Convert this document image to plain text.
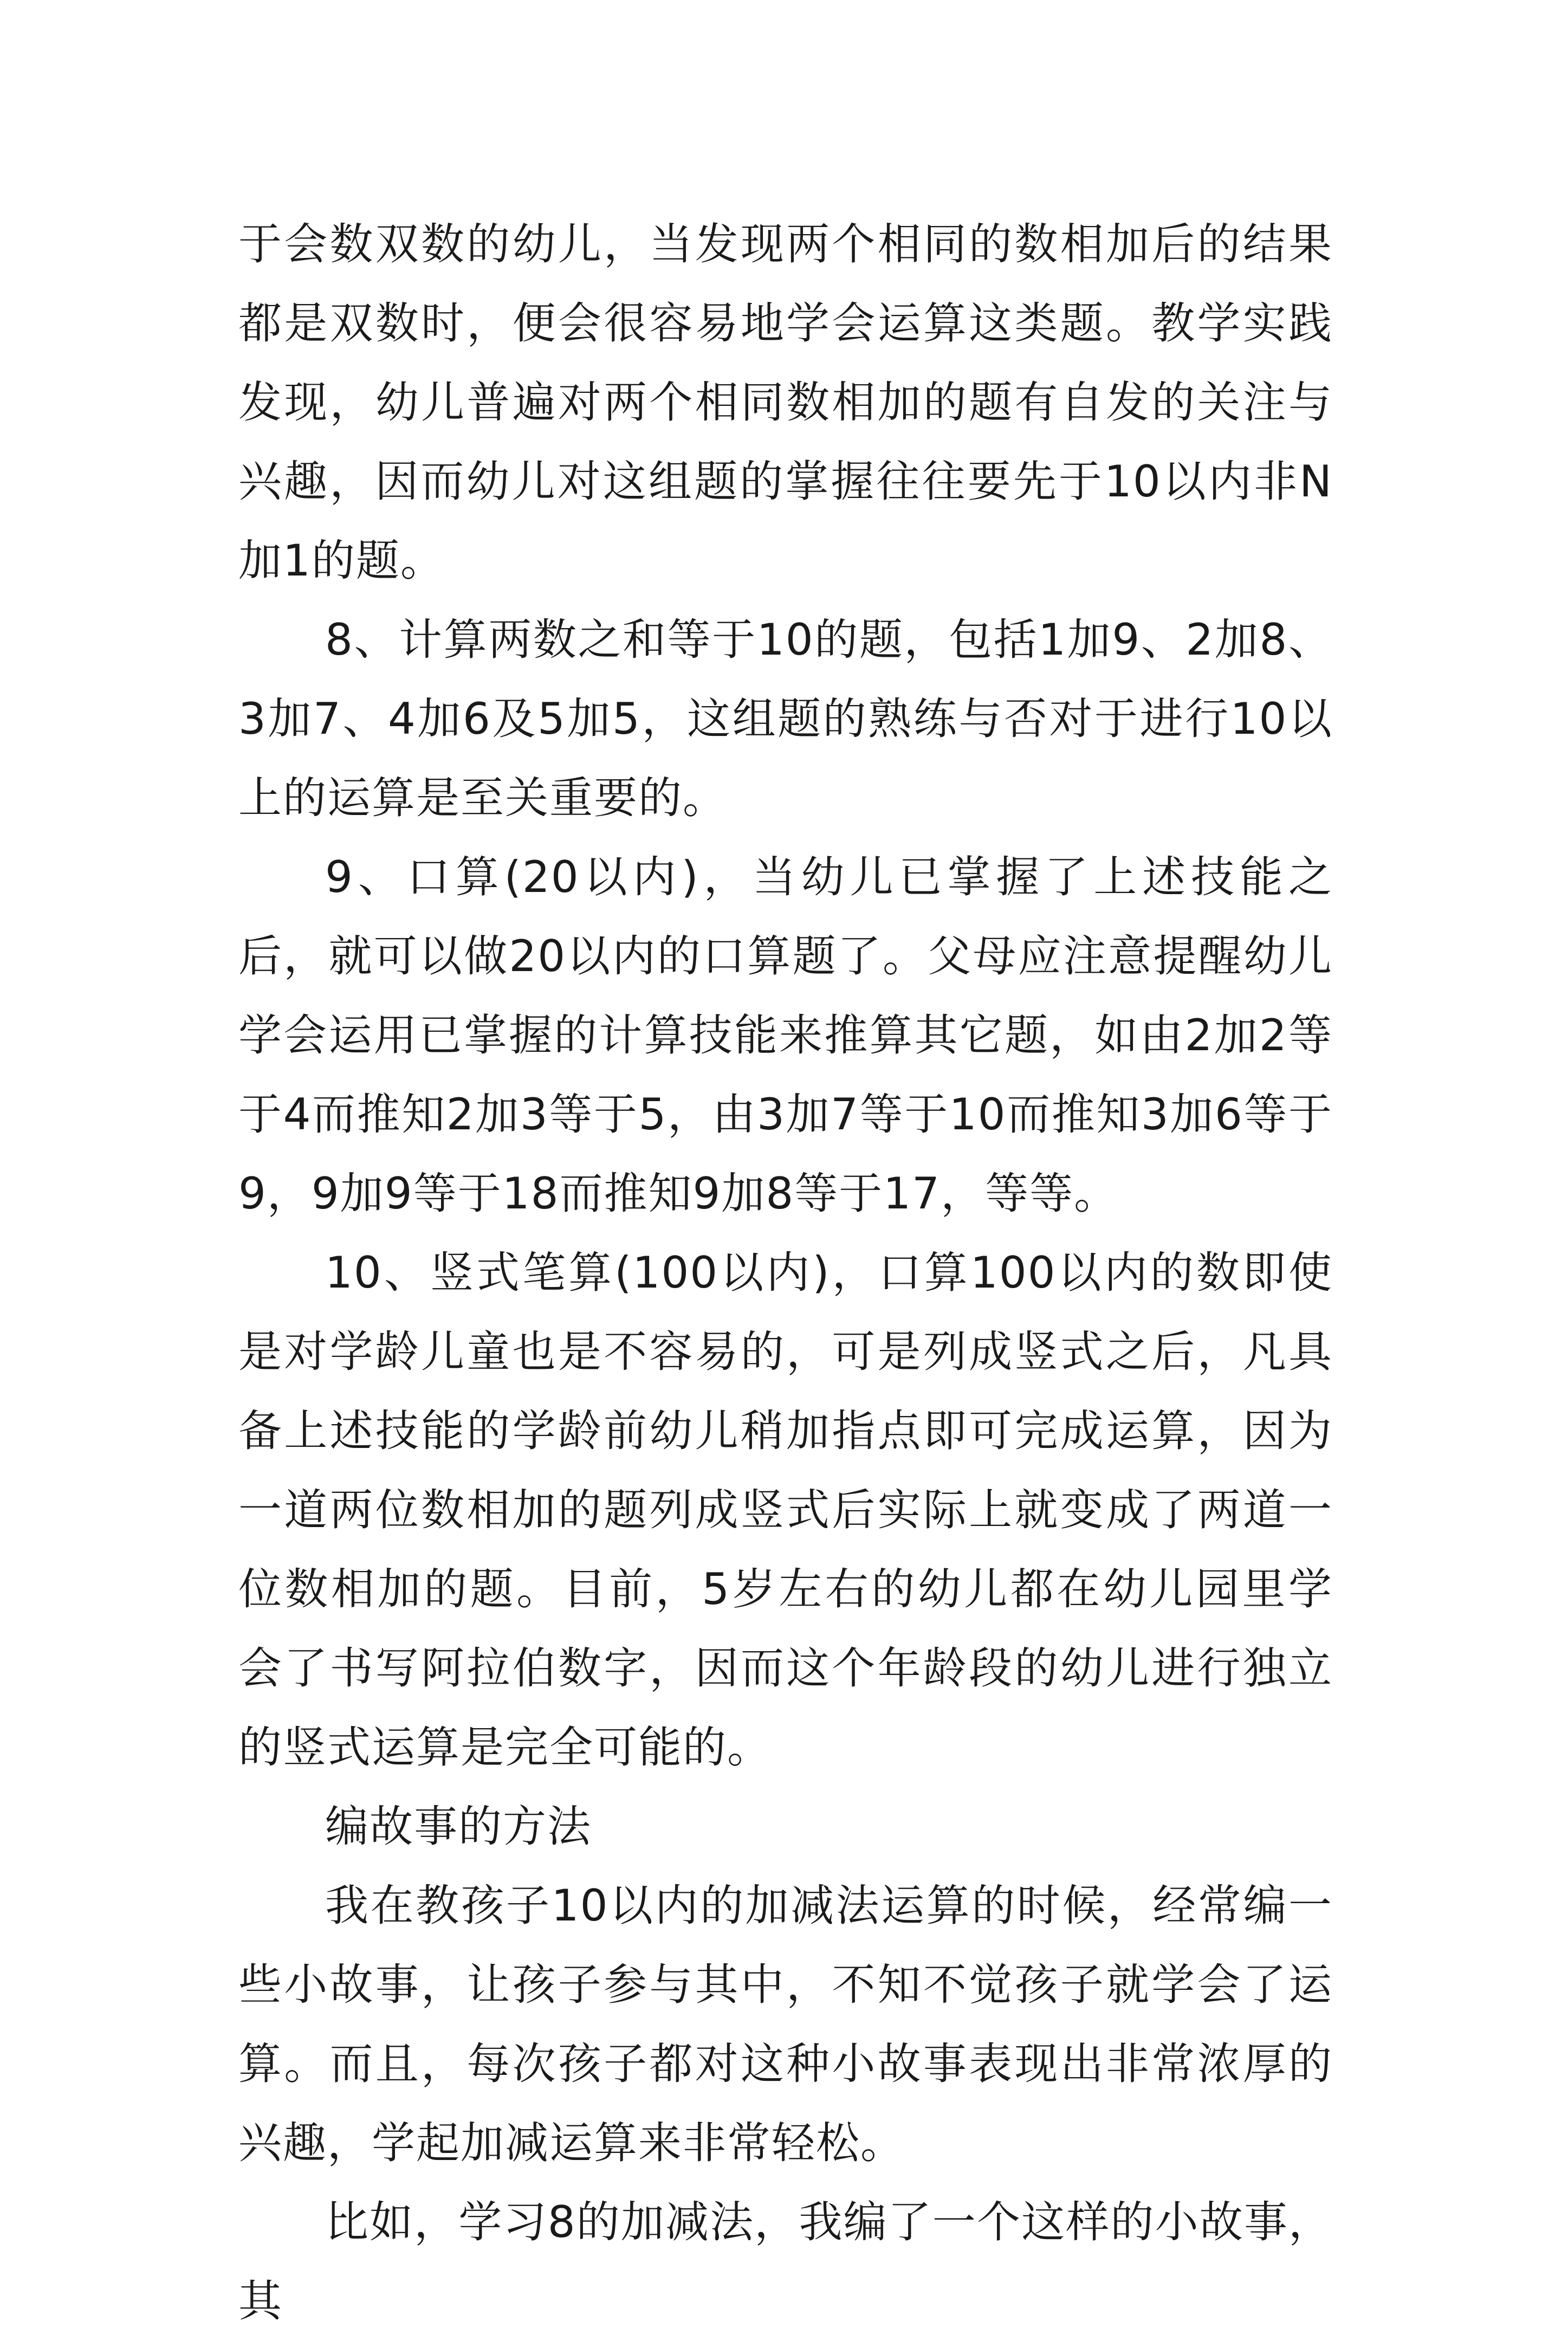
于会数双数的幼儿，当发现两个相同的数相加后的结果都是双数时，便会很容易地学会运算这类题。教学实践发现，幼儿普遍对两个相同数相加的题有自发的关注与兴趣，因而幼儿对这组题的掌握往往要先于10以内非N加1的题。

8、计算两数之和等于10的题，包括1加9、2加8、3加7、4加6及5加5，这组题的熟练与否对于进行10以上的运算是至关重要的。

9、口算(20以内)，当幼儿已掌握了上述技能之后，就可以做20以内的口算题了。父母应注意提醒幼儿学会运用已掌握的计算技能来推算其它题，如由2加2等于4而推知2加3等于5，由3加7等于10而推知3加6等于9，9加9等于18而推知9加8等于17，等等。

10、竖式笔算(100以内)，口算100以内的数即使是对学龄儿童也是不容易的，可是列成竖式之后，凡具备上述技能的学龄前幼儿稍加指点即可完成运算，因为一道两位数相加的题列成竖式后实际上就变成了两道一位数相加的题。目前，5岁左右的幼儿都在幼儿园里学会了书写阿拉伯数字，因而这个年龄段的幼儿进行独立的竖式运算是完全可能的。

编故事的方法

我在教孩子10以内的加减法运算的时候，经常编一些小故事，让孩子参与其中，不知不觉孩子就学会了运算。而且，每次孩子都对这种小故事表现出非常浓厚的兴趣，学起加减运算来非常轻松。

比如，学习8的加减法，我编了一个这样的小故事，其
